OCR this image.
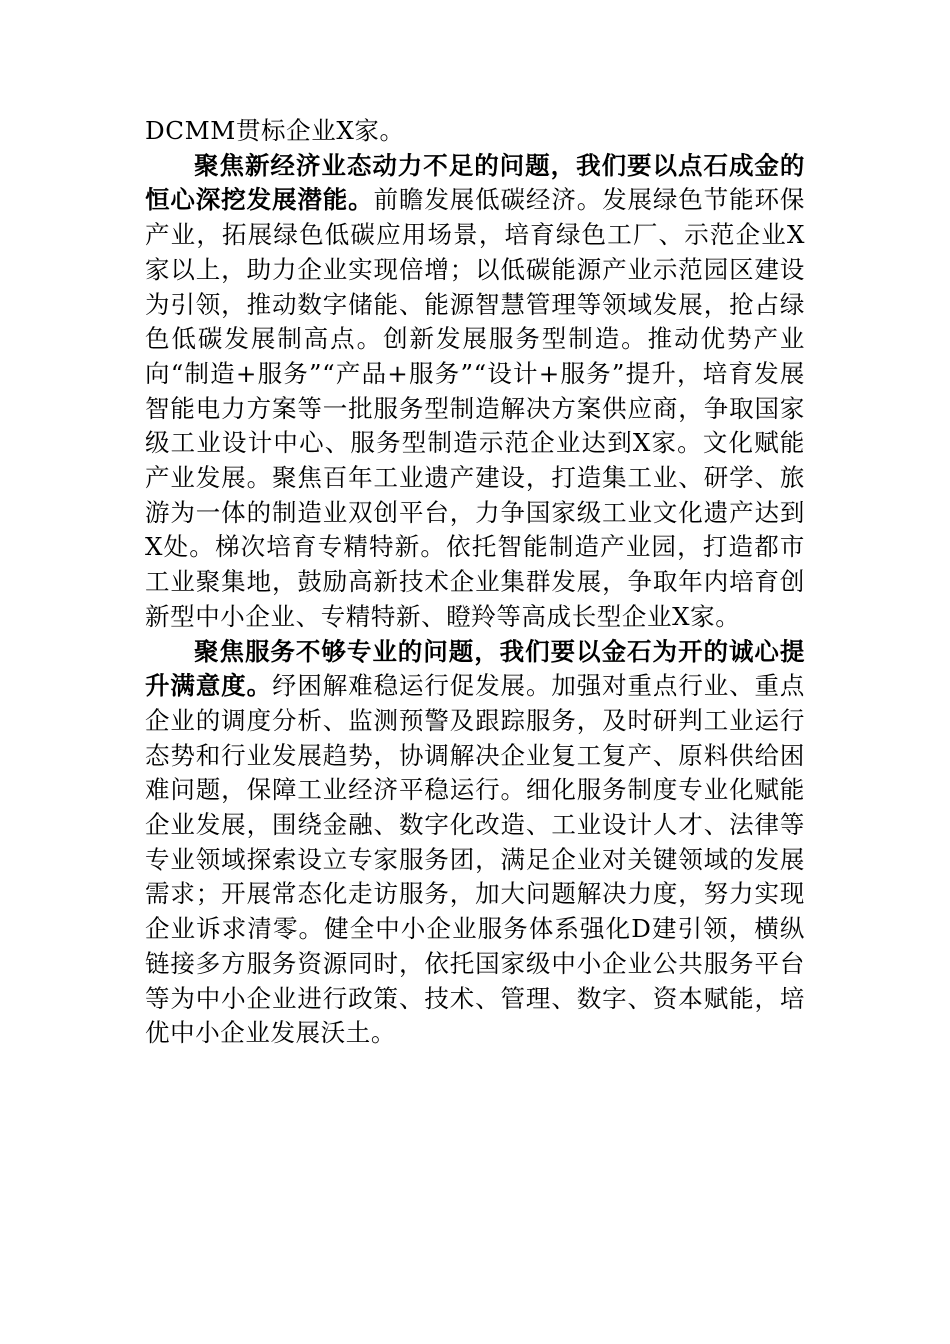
DCMM贯标企业X家。

聚焦新经济业态动力不足的问题，我们要以点石成金的恒心深挖发展潜能。前瞻发展低碳经济。发展绿色节能环保产业，拓展绿色低碳应用场景，培育绿色工厂、示范企业X家以上，助力企业实现倍增；以低碳能源产业示范园区建设为引领，推动数字储能、能源智慧管理等领域发展，抢占绿色低碳发展制高点。创新发展服务型制造。推动优势产业向“制造+服务”“产品+服务”“设计+服务”提升，培育发展智能电力方案等一批服务型制造解决方案供应商，争取国家级工业设计中心、服务型制造示范企业达到X家。文化赋能产业发展。聚焦百年工业遗产建设，打造集工业、研学、旅游为一体的制造业双创平台，力争国家级工业文化遗产达到X处。梯次培育专精特新。依托智能制造产业园，打造都市工业聚集地，鼓励高新技术企业集群发展，争取年内培育创新型中小企业、专精特新、瞪羚等高成长型企业X家。

聚焦服务不够专业的问题，我们要以金石为开的诚心提升满意度。纾困解难稳运行促发展。加强对重点行业、重点企业的调度分析、监测预警及跟踪服务，及时研判工业运行态势和行业发展趋势，协调解决企业复工复产、原料供给困难问题，保障工业经济平稳运行。细化服务制度专业化赋能企业发展，围绕金融、数字化改造、工业设计人才、法律等专业领域探索设立专家服务团，满足企业对关键领域的发展需求；开展常态化走访服务，加大问题解决力度，努力实现企业诉求清零。健全中小企业服务体系强化D建引领，横纵链接多方服务资源同时，依托国家级中小企业公共服务平台等为中小企业进行政策、技术、管理、数字、资本赋能，培优中小企业发展沃土。
